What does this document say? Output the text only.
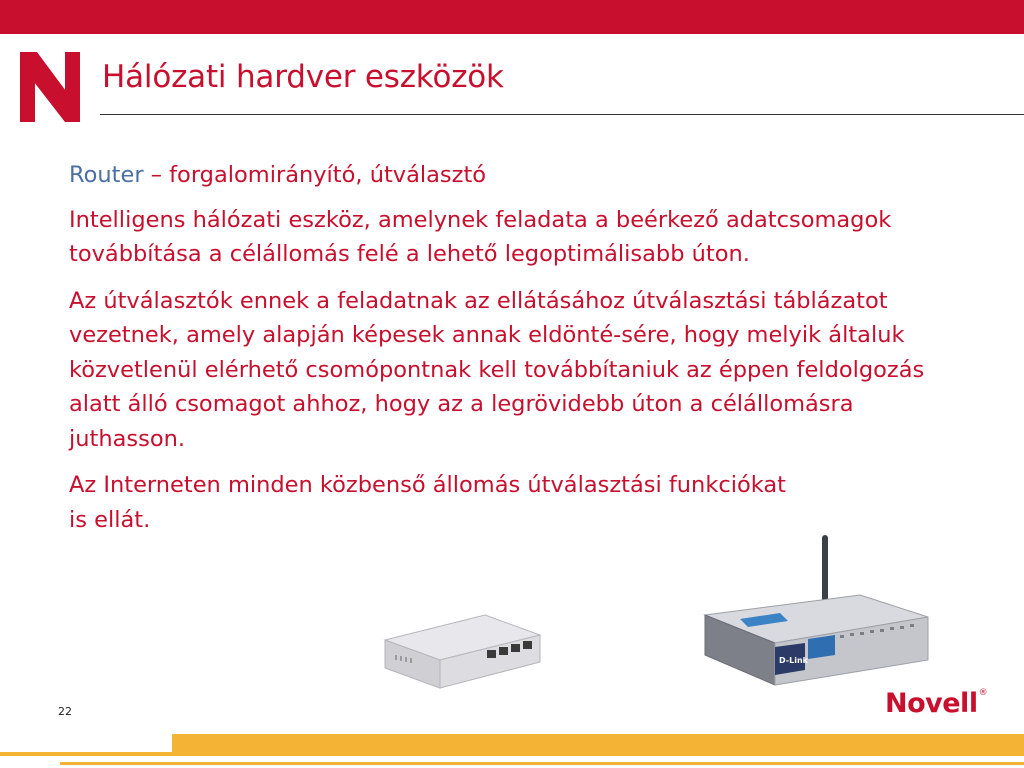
Hálózati hardver eszközök

Router – forgalomirányító, útválasztó

Intelligens hálózati eszköz, amelynek feladata a beérkező adatcsomagok továbbítása a célállomás felé a lehető legoptimálisabb úton.

Az útválasztók ennek a feladatnak az ellátásához útválasztási táblázatot vezetnek, amely alapján képesek annak eldönté-sére, hogy melyik általuk közvetlenül elérhető csomópontnak kell továbbítaniuk az éppen feldolgozás alatt álló csomagot ahhoz, hogy az a legrövidebb úton a célállomásra juthasson.

Az Interneten minden közbenső állomás útválasztási funkciókat is ellát.

D-Link
22	Novell®
